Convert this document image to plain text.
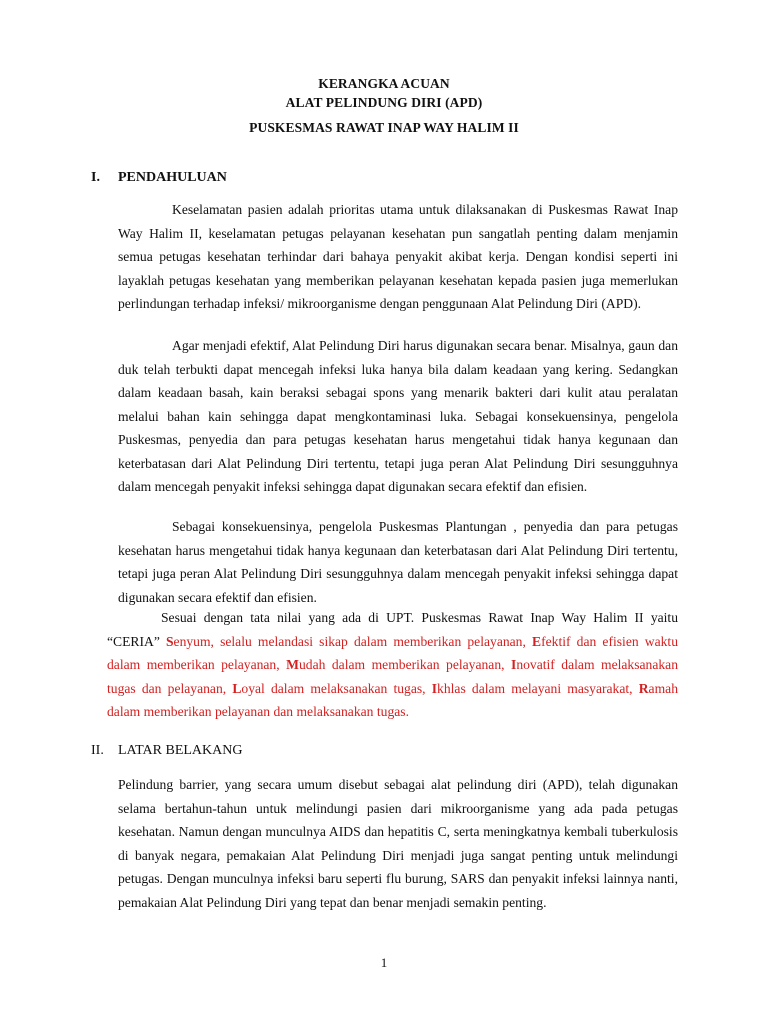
KERANGKA ACUAN
ALAT PELINDUNG DIRI (APD)
PUSKESMAS RAWAT INAP WAY HALIM II
I. PENDAHULUAN
Keselamatan pasien adalah prioritas utama untuk dilaksanakan di Puskesmas Rawat Inap Way Halim II, keselamatan petugas pelayanan kesehatan pun sangatlah penting dalam menjamin semua petugas kesehatan terhindar dari bahaya penyakit akibat kerja. Dengan kondisi seperti ini layaklah petugas kesehatan yang memberikan pelayanan kesehatan kepada pasien juga memerlukan perlindungan terhadap infeksi/ mikroorganisme dengan penggunaan Alat Pelindung Diri (APD).
Agar menjadi efektif, Alat Pelindung Diri harus digunakan secara benar. Misalnya, gaun dan duk telah terbukti dapat mencegah infeksi luka hanya bila dalam keadaan yang kering. Sedangkan dalam keadaan basah, kain beraksi sebagai spons yang menarik bakteri dari kulit atau peralatan melalui bahan kain sehingga dapat mengkontaminasi luka. Sebagai konsekuensinya, pengelola Puskesmas, penyedia dan para petugas kesehatan harus mengetahui tidak hanya kegunaan dan keterbatasan dari Alat Pelindung Diri tertentu, tetapi juga peran Alat Pelindung Diri sesungguhnya dalam mencegah penyakit infeksi sehingga dapat digunakan secara efektif dan efisien.
Sebagai konsekuensinya, pengelola Puskesmas Plantungan , penyedia dan para petugas kesehatan harus mengetahui tidak hanya kegunaan dan keterbatasan dari Alat Pelindung Diri tertentu, tetapi juga peran Alat Pelindung Diri sesungguhnya dalam mencegah penyakit infeksi sehingga dapat digunakan secara efektif dan efisien.
Sesuai dengan tata nilai yang ada di UPT. Puskesmas Rawat Inap Way Halim II yaitu “CERIA” Senyum, selalu melandasi sikap dalam memberikan pelayanan, Efektif dan efisien waktu dalam memberikan pelayanan, Mudah dalam memberikan pelayanan, Inovatif dalam melaksanakan tugas dan pelayanan, Loyal dalam melaksanakan tugas, Ikhlas dalam melayani masyarakat, Ramah dalam memberikan pelayanan dan melaksanakan tugas.
II. LATAR BELAKANG
Pelindung barrier, yang secara umum disebut sebagai alat pelindung diri (APD), telah digunakan selama bertahun-tahun untuk melindungi pasien dari mikroorganisme yang ada pada petugas kesehatan. Namun dengan munculnya AIDS dan hepatitis C, serta meningkatnya kembali tuberkulosis di banyak negara, pemakaian Alat Pelindung Diri menjadi juga sangat penting untuk melindungi petugas. Dengan munculnya infeksi baru seperti flu burung, SARS dan penyakit infeksi lainnya nanti, pemakaian Alat Pelindung Diri yang tepat dan benar menjadi semakin penting.
1
